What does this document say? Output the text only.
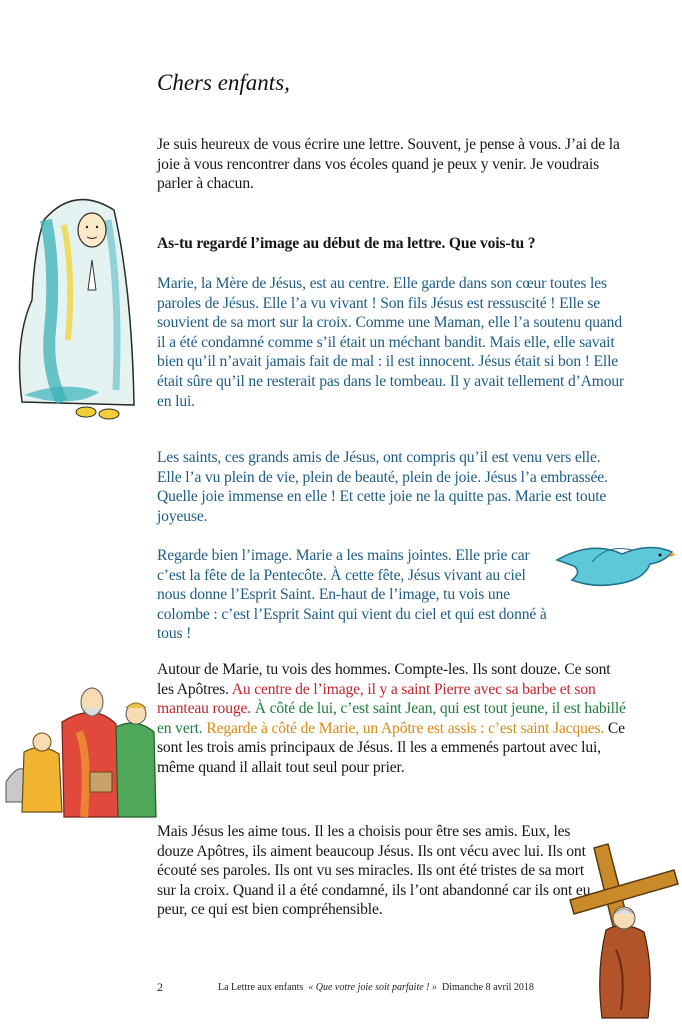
Chers enfants,
Je suis heureux de vous écrire une lettre. Souvent, je pense à vous. J’ai de la joie à vous rencontrer dans vos écoles quand je peux y venir. Je voudrais parler à chacun.
As-tu regardé l’image au début de ma lettre. Que vois-tu ?
Marie, la Mère de Jésus, est au centre. Elle garde dans son cœur toutes les paroles de Jésus. Elle l’a vu vivant ! Son fils Jésus est ressuscité ! Elle se souvient de sa mort sur la croix. Comme une Maman, elle l’a soutenu quand il a été condamné comme s’il était un méchant bandit. Mais elle, elle savait bien qu’il n’avait jamais fait de mal : il est innocent. Jésus était si bon ! Elle était sûre qu’il ne resterait pas dans le tombeau. Il y avait tellement d’Amour en lui.
Les saints, ces grands amis de Jésus, ont compris qu’il est venu vers elle. Elle l’a vu plein de vie, plein de beauté, plein de joie. Jésus l’a embrassée. Quelle joie immense en elle ! Et cette joie ne la quitte pas. Marie est toute joyeuse.
Regarde bien l’image. Marie a les mains jointes. Elle prie car c’est la fête de la Pentecôte. À cette fête, Jésus vivant au ciel nous donne l’Esprit Saint. En-haut de l’image, tu vois une colombe : c’est l’Esprit Saint qui vient du ciel et qui est donné à tous !
Autour de Marie, tu vois des hommes. Compte-les. Ils sont douze. Ce sont les Apôtres. Au centre de l’image, il y a saint Pierre avec sa barbe et son manteau rouge. À côté de lui, c’est saint Jean, qui est tout jeune, il est habillé en vert. Regarde à côté de Marie, un Apôtre est assis : c’est saint Jacques. Ce sont les trois amis principaux de Jésus. Il les a emmenés partout avec lui, même quand il allait tout seul pour prier.
Mais Jésus les aime tous. Il les a choisis pour être ses amis. Eux, les douze Apôtres, ils aiment beaucoup Jésus. Ils ont vécu avec lui. Ils ont écouté ses paroles. Ils ont vu ses miracles. Ils ont été tristes de sa mort sur la croix. Quand il a été condamné, ils l’ont abandonné car ils ont eu peur, ce qui est bien compréhensible.
2	La Lettre aux enfants « Que votre joie soit parfaite ! » Dimanche 8 avril 2018
